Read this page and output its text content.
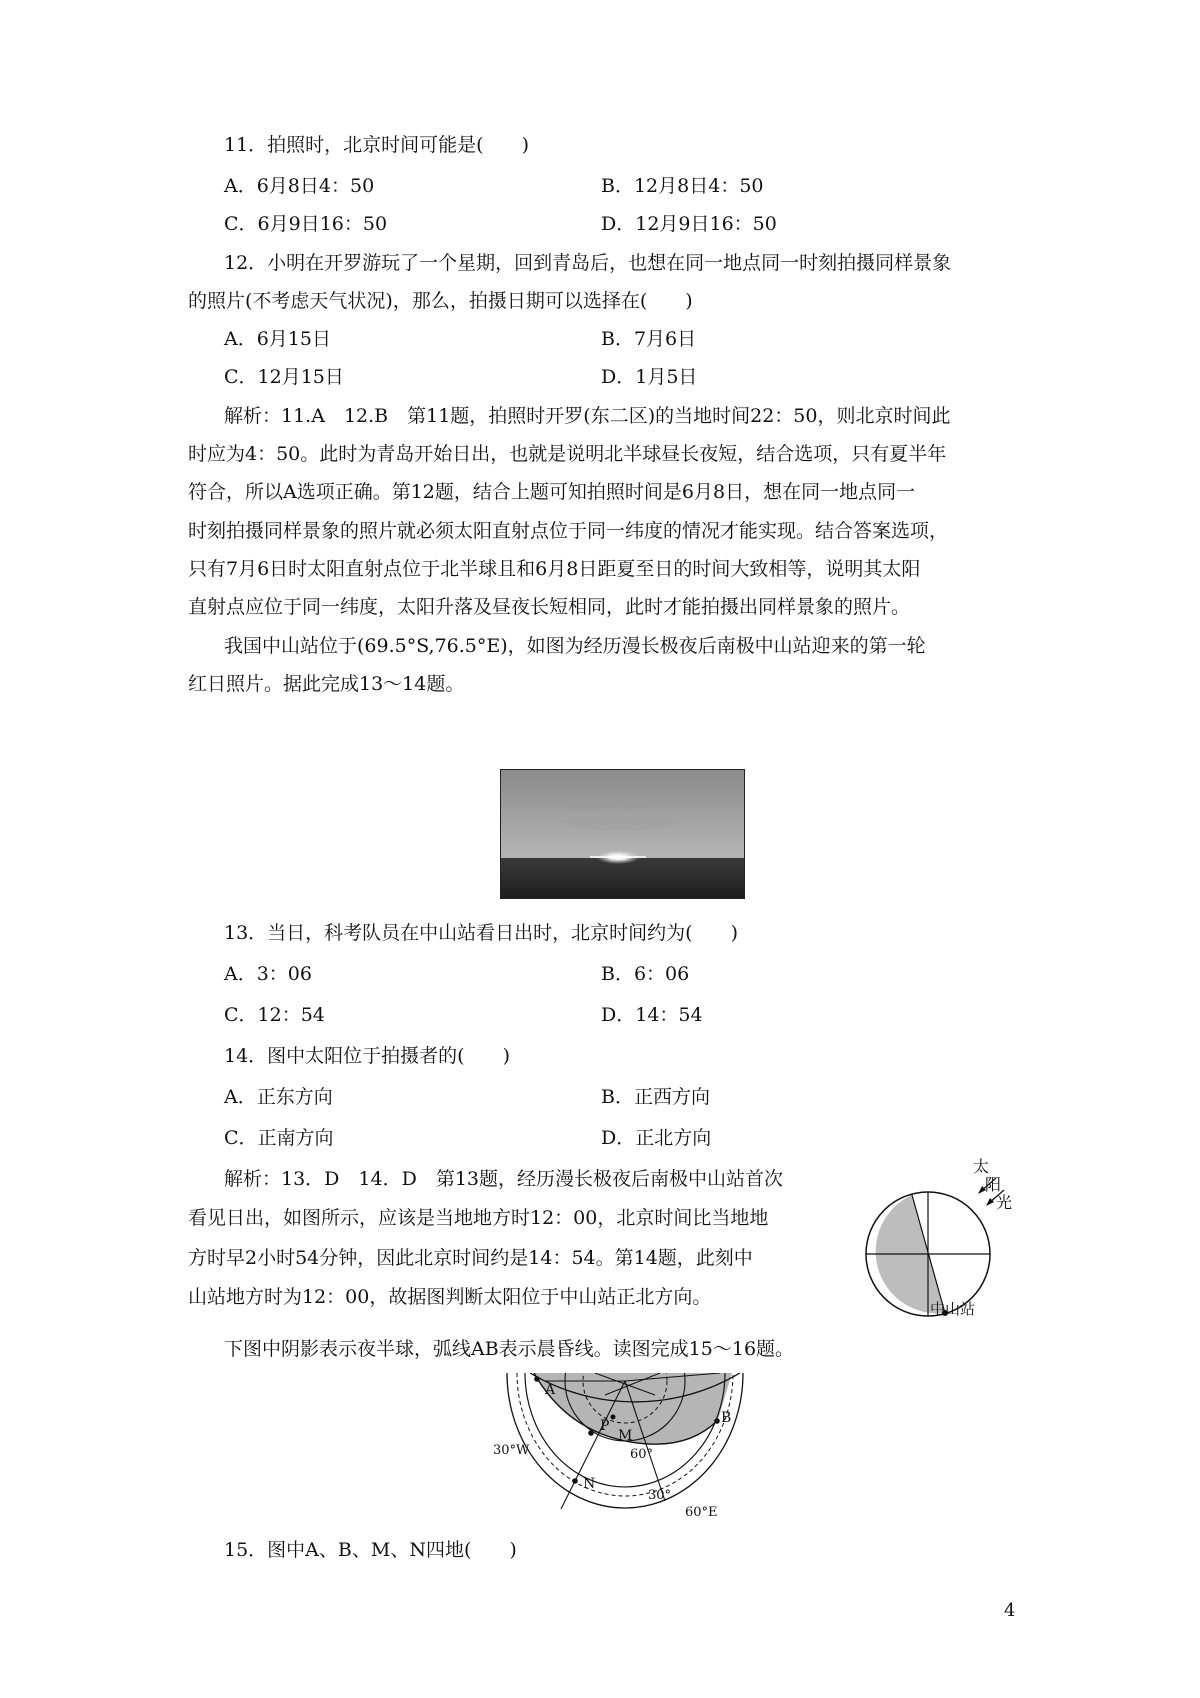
11．拍照时，北京时间可能是(　　)
A．6月8日4：50	B．12月8日4：50
C．6月9日16：50	D．12月9日16：50
12．小明在开罗游玩了一个星期，回到青岛后，也想在同一地点同一时刻拍摄同样景象
的照片(不考虑天气状况)，那么，拍摄日期可以选择在(　　)
A．6月15日	B．7月6日
C．12月15日	D．1月5日
解析：11.A　12.B　第11题，拍照时开罗(东二区)的当地时间22：50，则北京时间此
时应为4：50。此时为青岛开始日出，也就是说明北半球昼长夜短，结合选项，只有夏半年
符合，所以A选项正确。第12题，结合上题可知拍照时间是6月8日，想在同一地点同一
时刻拍摄同样景象的照片就必须太阳直射点位于同一纬度的情况才能实现。结合答案选项，
只有7月6日时太阳直射点位于北半球且和6月8日距夏至日的时间大致相等，说明其太阳
直射点应位于同一纬度，太阳升落及昼夜长短相同，此时才能拍摄出同样景象的照片。
我国中山站位于(69.5°S,76.5°E)，如图为经历漫长极夜后南极中山站迎来的第一轮
红日照片。据此完成13～14题。
13．当日，科考队员在中山站看日出时，北京时间约为(　　)
A．3：06	B．6：06
C．12：54	D．14：54
14．图中太阳位于拍摄者的(　　)
A．正东方向	B．正西方向
C．正南方向	D．正北方向
解析：13．D　14．D　第13题，经历漫长极夜后南极中山站首次
看见日出，如图所示，应该是当地地方时12：00，北京时间比当地地
方时早2小时54分钟，因此北京时间约是14：54。第14题，此刻中
山站地方时为12：00，故据图判断太阳位于中山站正北方向。
太
阳
光
中山站
下图中阴影表示夜半球，弧线AB表示晨昏线。读图完成15～16题。
A
B
P
M
N
30°W	60°
30°
60°E
15．图中A、B、M、N四地(　　)
4
